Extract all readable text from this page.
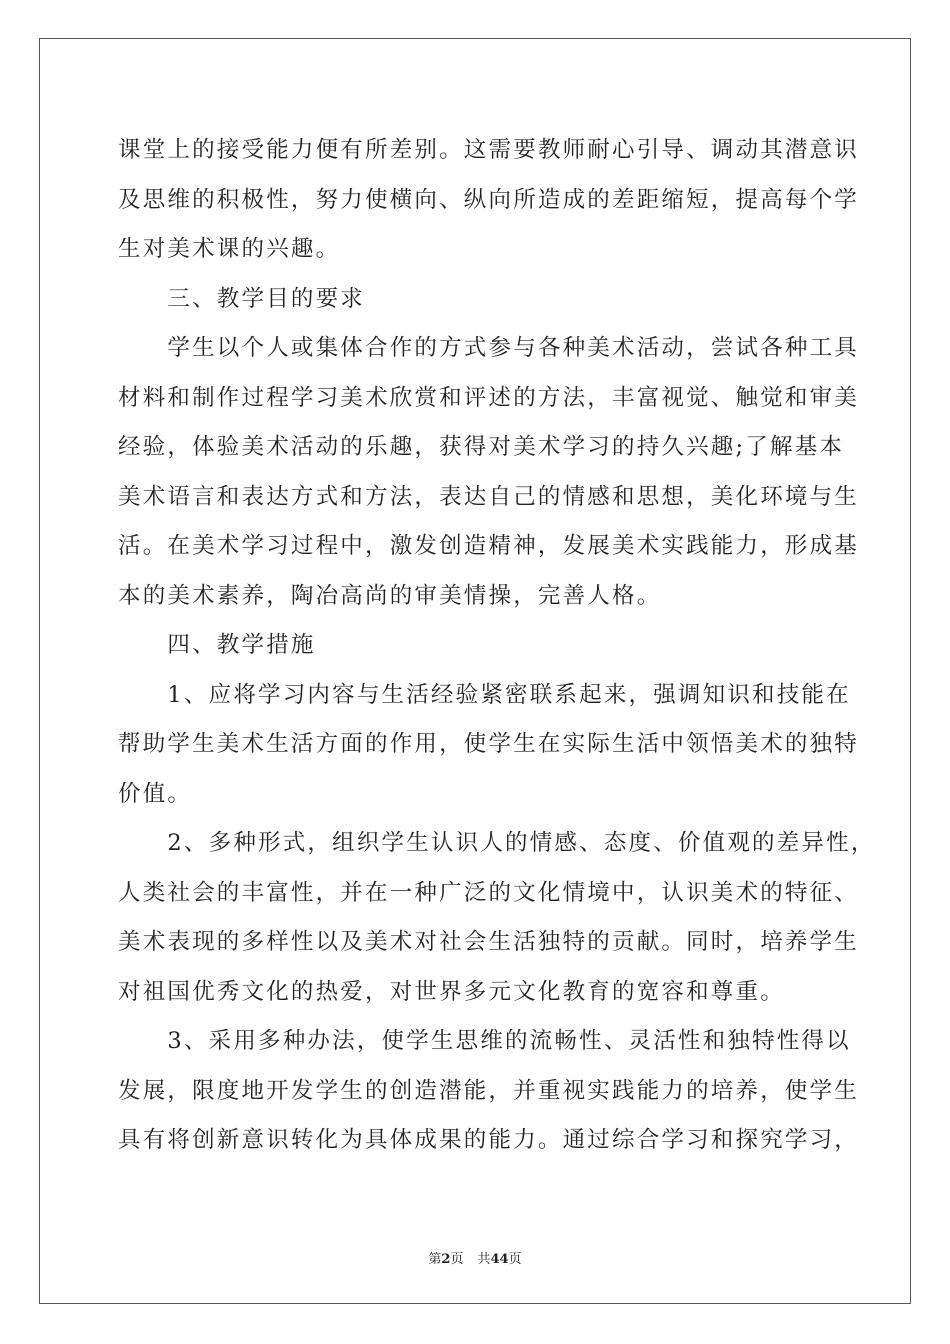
课堂上的接受能力便有所差别。这需要教师耐心引导、调动其潜意识
及思维的积极性，努力使横向、纵向所造成的差距缩短，提高每个学
生对美术课的兴趣。
　　三、教学目的要求
　　学生以个人或集体合作的方式参与各种美术活动，尝试各种工具
材料和制作过程学习美术欣赏和评述的方法，丰富视觉、触觉和审美
经验，体验美术活动的乐趣，获得对美术学习的持久兴趣;了解基本
美术语言和表达方式和方法，表达自己的情感和思想，美化环境与生
活。在美术学习过程中，激发创造精神，发展美术实践能力，形成基
本的美术素养，陶冶高尚的审美情操，完善人格。
　　四、教学措施
　　1、应将学习内容与生活经验紧密联系起来，强调知识和技能在
帮助学生美术生活方面的作用，使学生在实际生活中领悟美术的独特
价值。
　　2、多种形式，组织学生认识人的情感、态度、价值观的差异性，
人类社会的丰富性，并在一种广泛的文化情境中，认识美术的特征、
美术表现的多样性以及美术对社会生活独特的贡献。同时，培养学生
对祖国优秀文化的热爱，对世界多元文化教育的宽容和尊重。
　　3、采用多种办法，使学生思维的流畅性、灵活性和独特性得以
发展，限度地开发学生的创造潜能，并重视实践能力的培养，使学生
具有将创新意识转化为具体成果的能力。通过综合学习和探究学习，
第2页 共44页
